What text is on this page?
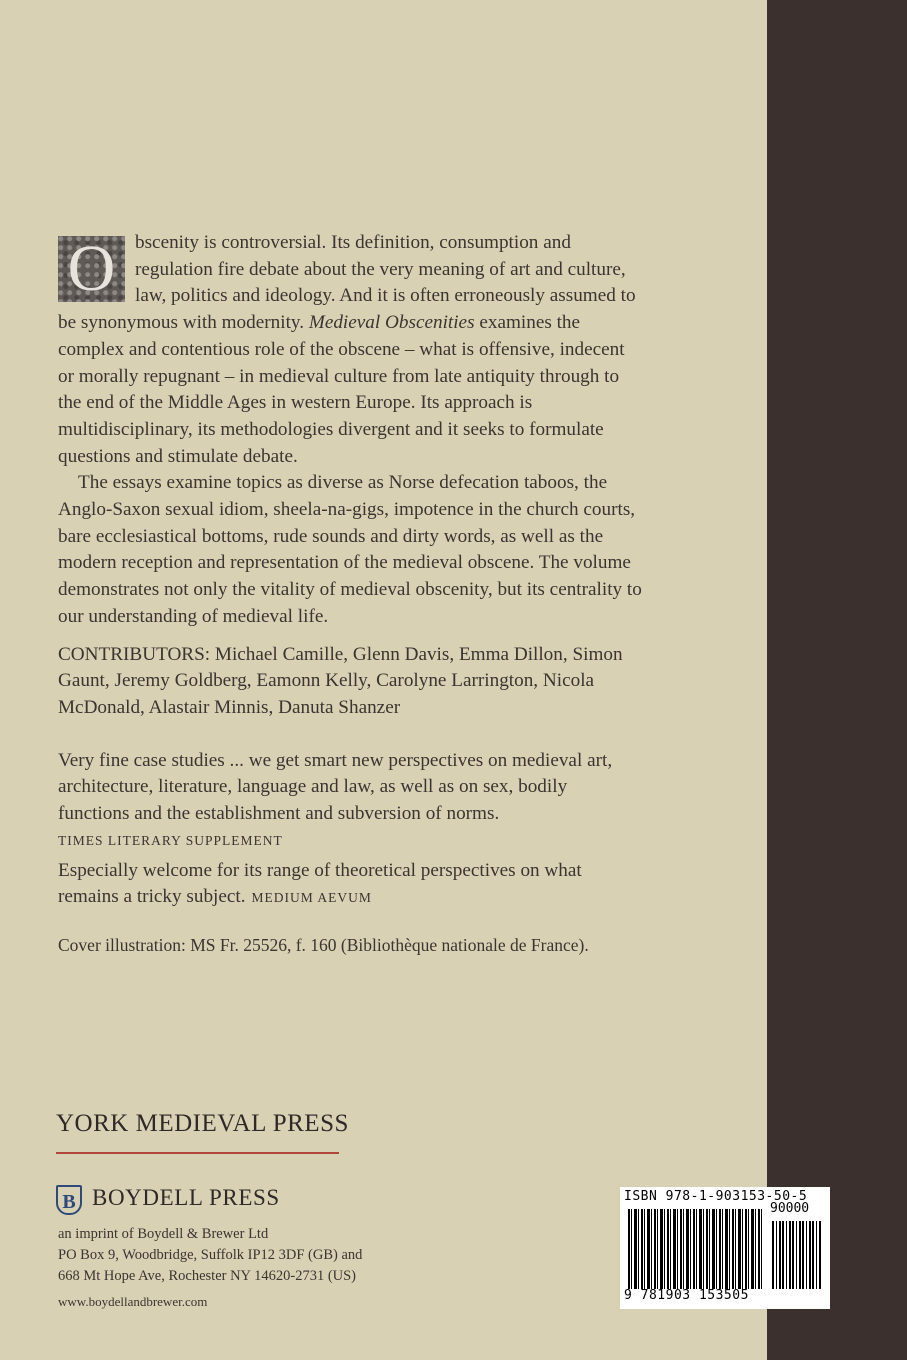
O	bscenity is controversial. Its definition, consumption and regulation fire debate about the very meaning of art and culture, law, politics and ideology. And it is often erroneously assumed to be synonymous with modernity. Medieval Obscenities examines the complex and contentious role of the obscene – what is offensive, indecent or morally repugnant – in medieval culture from late antiquity through to the end of the Middle Ages in western Europe. Its approach is multidisciplinary, its methodologies divergent and it seeks to formulate questions and stimulate debate.

The essays examine topics as diverse as Norse defecation taboos, the Anglo-Saxon sexual idiom, sheela-na-gigs, impotence in the church courts, bare ecclesiastical bottoms, rude sounds and dirty words, as well as the modern reception and representation of the medieval obscene. The volume demonstrates not only the vitality of medieval obscenity, but its centrality to our understanding of medieval life.

CONTRIBUTORS: Michael Camille, Glenn Davis, Emma Dillon, Simon Gaunt, Jeremy Goldberg, Eamonn Kelly, Carolyne Larrington, Nicola McDonald, Alastair Minnis, Danuta Shanzer

Very fine case studies ... we get smart new perspectives on medieval art, architecture, literature, language and law, as well as on sex, bodily functions and the establishment and subversion of norms.
TIMES LITERARY SUPPLEMENT

Especially welcome for its range of theoretical perspectives on what remains a tricky subject. MEDIUM AEVUM

Cover illustration: MS Fr. 25526, f. 160 (Bibliothèque nationale de France).

YORK MEDIEVAL PRESS
B BOYDELL PRESS
an imprint of Boydell & Brewer Ltd
PO Box 9, Woodbridge, Suffolk IP12 3DF (GB) and
668 Mt Hope Ave, Rochester NY 14620-2731 (US)
www.boydellandbrewer.com
ISBN 978-1-903153-50-5
90000
9 781903 153505
